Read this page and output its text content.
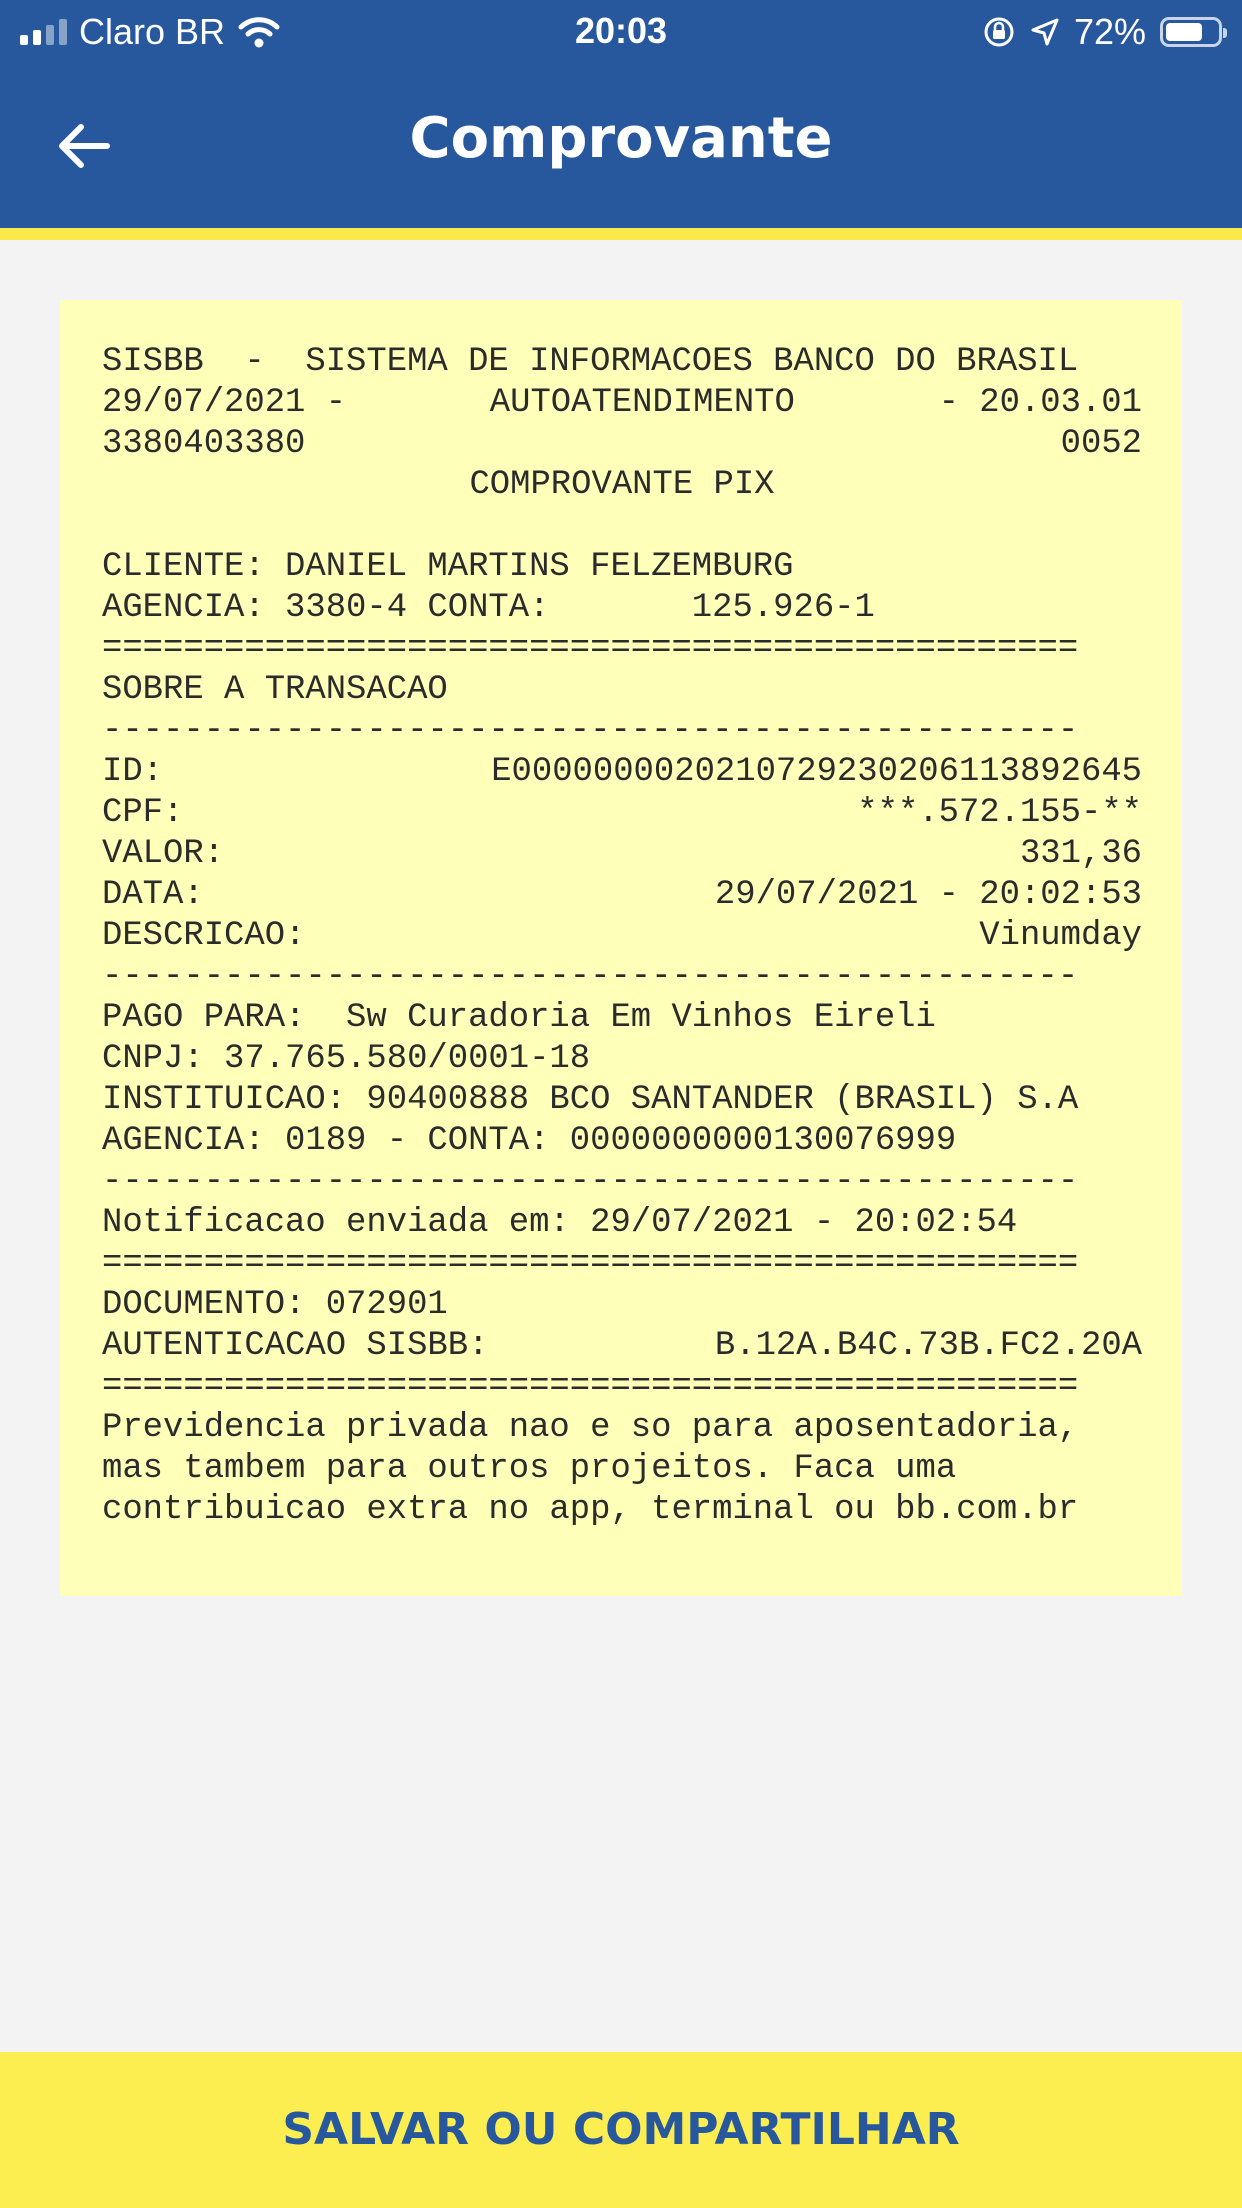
Claro BR	20:03	72%
Comprovante
SISBB  -  SISTEMA DE INFORMACOES BANCO DO BRASIL
29/07/2021 -	AUTOATENDIMENTO	- 20.03.01
3380403380	0052
COMPROVANTE PIX
CLIENTE: DANIEL MARTINS FELZEMBURG
AGENCIA: 3380-4 CONTA:       125.926-1
================================================
SOBRE A TRANSACAO
------------------------------------------------
ID:	E0000000020210729230206113892645
CPF:	***.572.155-**
VALOR:	331,36
DATA:	29/07/2021 - 20:02:53
DESCRICAO:	Vinumday
------------------------------------------------
PAGO PARA:  Sw Curadoria Em Vinhos Eireli
CNPJ: 37.765.580/0001-18
INSTITUICAO: 90400888 BCO SANTANDER (BRASIL) S.A
AGENCIA: 0189 - CONTA: 0000000000130076999
------------------------------------------------
Notificacao enviada em: 29/07/2021 - 20:02:54
================================================
DOCUMENTO: 072901
AUTENTICACAO SISBB:	B.12A.B4C.73B.FC2.20A
================================================
Previdencia privada nao e so para aposentadoria,
mas tambem para outros projeitos. Faca uma
contribuicao extra no app, terminal ou bb.com.br
SALVAR OU COMPARTILHAR
